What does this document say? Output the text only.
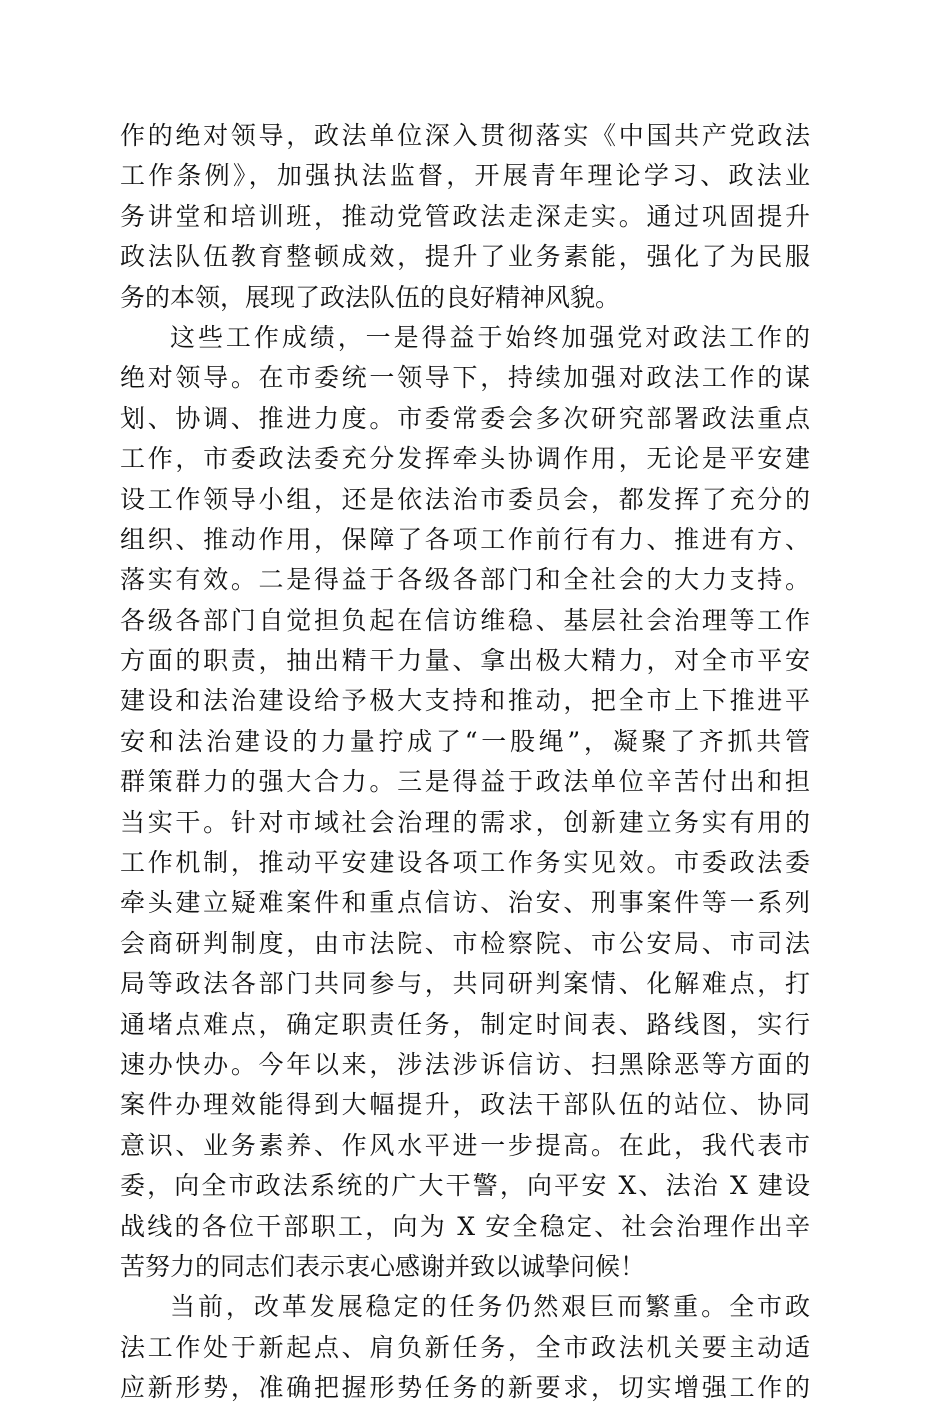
作的绝对领导，政法单位深入贯彻落实《中国共产党政法
工作条例》，加强执法监督，开展青年理论学习、政法业
务讲堂和培训班，推动党管政法走深走实。通过巩固提升
政法队伍教育整顿成效，提升了业务素能，强化了为民服
务的本领，展现了政法队伍的良好精神风貌。
这些工作成绩，一是得益于始终加强党对政法工作的
绝对领导。在市委统一领导下，持续加强对政法工作的谋
划、协调、推进力度。市委常委会多次研究部署政法重点
工作，市委政法委充分发挥牵头协调作用，无论是平安建
设工作领导小组，还是依法治市委员会，都发挥了充分的
组织、推动作用，保障了各项工作前行有力、推进有方、
落实有效。二是得益于各级各部门和全社会的大力支持。
各级各部门自觉担负起在信访维稳、基层社会治理等工作
方面的职责，抽出精干力量、拿出极大精力，对全市平安
建设和法治建设给予极大支持和推动，把全市上下推进平
安和法治建设的力量拧成了“一股绳”，凝聚了齐抓共管
群策群力的强大合力。三是得益于政法单位辛苦付出和担
当实干。针对市域社会治理的需求，创新建立务实有用的
工作机制，推动平安建设各项工作务实见效。市委政法委
牵头建立疑难案件和重点信访、治安、刑事案件等一系列
会商研判制度，由市法院、市检察院、市公安局、市司法
局等政法各部门共同参与，共同研判案情、化解难点，打
通堵点难点，确定职责任务，制定时间表、路线图，实行
速办快办。今年以来，涉法涉诉信访、扫黑除恶等方面的
案件办理效能得到大幅提升，政法干部队伍的站位、协同
意识、业务素养、作风水平进一步提高。在此，我代表市
委，向全市政法系统的广大干警，向平安 X、法治 X 建设
战线的各位干部职工，向为 X 安全稳定、社会治理作出辛
苦努力的同志们表示衷心感谢并致以诚挚问候！
当前，改革发展稳定的任务仍然艰巨而繁重。全市政
法工作处于新起点、肩负新任务，全市政法机关要主动适
应新形势，准确把握形势任务的新要求，切实增强工作的
